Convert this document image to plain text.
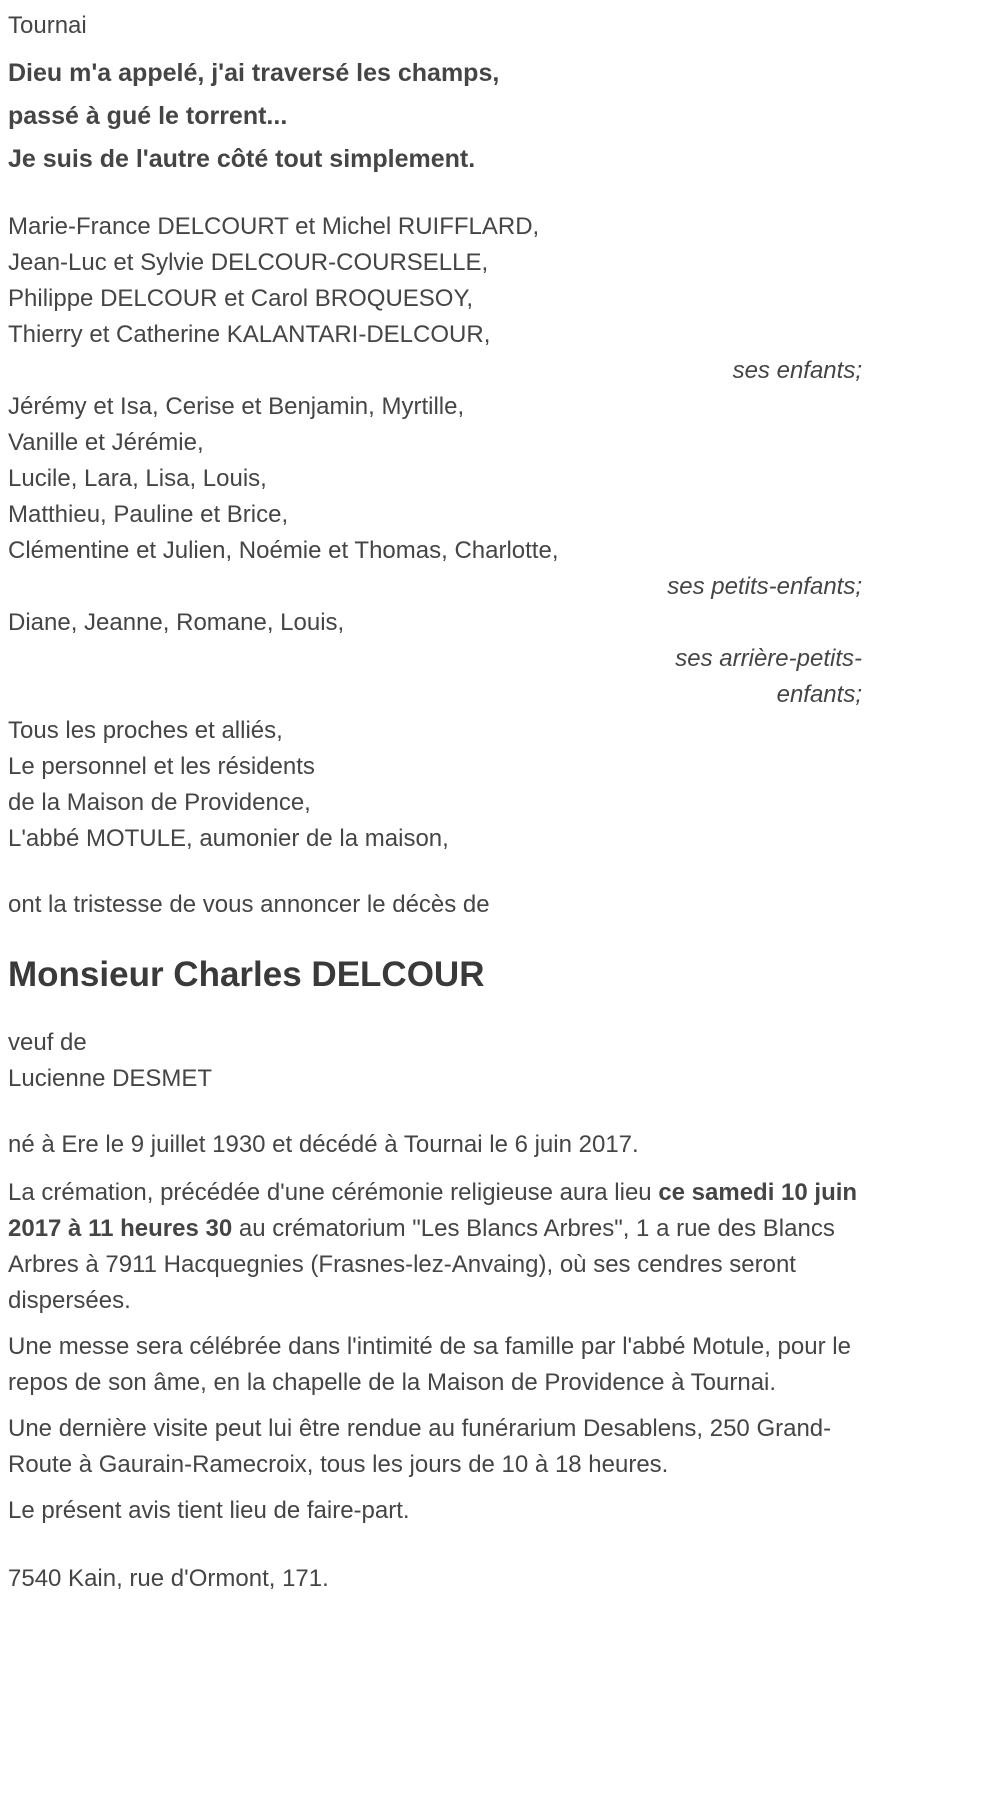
Tournai

Dieu m'a appelé, j'ai traversé les champs,

passé à gué le torrent...

Je suis de l'autre côté tout simplement.

Marie-France DELCOURT et Michel RUIFFLARD,

Jean-Luc et Sylvie DELCOUR-COURSELLE,

Philippe DELCOUR et Carol BROQUESOY,

Thierry et Catherine KALANTARI-DELCOUR,

ses enfants;

Jérémy et Isa, Cerise et Benjamin, Myrtille,

Vanille et Jérémie,

Lucile, Lara, Lisa, Louis,

Matthieu, Pauline et Brice,

Clémentine et Julien, Noémie et Thomas, Charlotte,

ses petits-enfants;

Diane, Jeanne, Romane, Louis,

ses arrière-petits-enfants;

Tous les proches et alliés,

Le personnel et les résidents

de la Maison de Providence,

L'abbé MOTULE, aumonier de la maison,

ont la tristesse de vous annoncer le décès de

Monsieur Charles DELCOUR

veuf de

Lucienne DESMET

né à Ere le 9 juillet 1930 et décédé à Tournai le 6 juin 2017.

La crémation, précédée d'une cérémonie religieuse aura lieu ce samedi 10 juin 2017 à 11 heures 30 au crématorium "Les Blancs Arbres", 1 a rue des Blancs Arbres à 7911 Hacquegnies (Frasnes-lez-Anvaing), où ses cendres seront dispersées.

Une messe sera célébrée dans l'intimité de sa famille par l'abbé Motule, pour le repos de son âme, en la chapelle de la Maison de Providence à Tournai.

Une dernière visite peut lui être rendue au funérarium Desablens, 250 Grand-Route à Gaurain-Ramecroix, tous les jours de 10 à 18 heures.

Le présent avis tient lieu de faire-part.

7540 Kain, rue d'Ormont, 171.
